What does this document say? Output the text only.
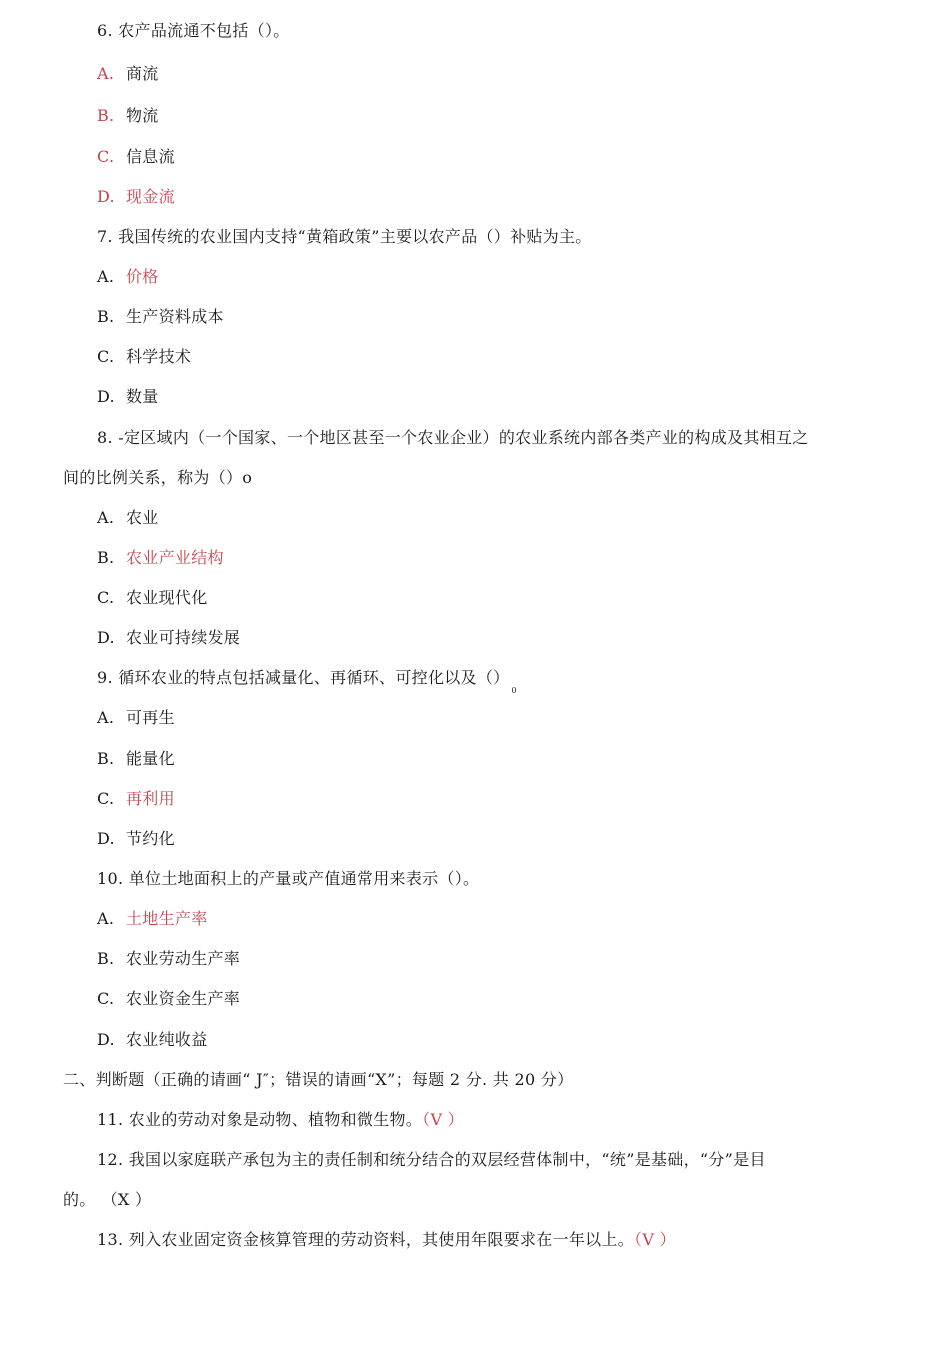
6. 农产品流通不包括（）。
A. 商流
B. 物流
C. 信息流
D. 现金流
7. 我国传统的农业国内支持“黄箱政策”主要以农产品（）补贴为主。
A. 价格
B. 生产资料成本
C. 科学技术
D. 数量
8. -定区域内（一个国家、一个地区甚至一个农业企业）的农业系统内部各类产业的构成及其相互之
间的比例关系，称为（）o
A. 农业
B. 农业产业结构
C. 农业现代化
D. 农业可持续发展
9. 循环农业的特点包括减量化、再循环、可控化以及$()_0$
A. 可再生
B. 能量化
C. 再利用
D. 节约化
10. 单位土地面积上的产量或产值通常用来表示（）。
A. 土地生产率
B. 农业劳动生产率
C. 农业资金生产率
D. 农业纯收益
二、判断题（正确的请画“ J″；错误的请画“X”；每题 2 分. 共 20 分）
11. 农业的劳动对象是动物、植物和微生物。（V ）
12. 我国以家庭联产承包为主的责任制和统分结合的双层经营体制中，“统”是基础，“分”是目
的。 （X ）
13. 列入农业固定资金核算管理的劳动资料，其使用年限要求在一年以上。（V ）
